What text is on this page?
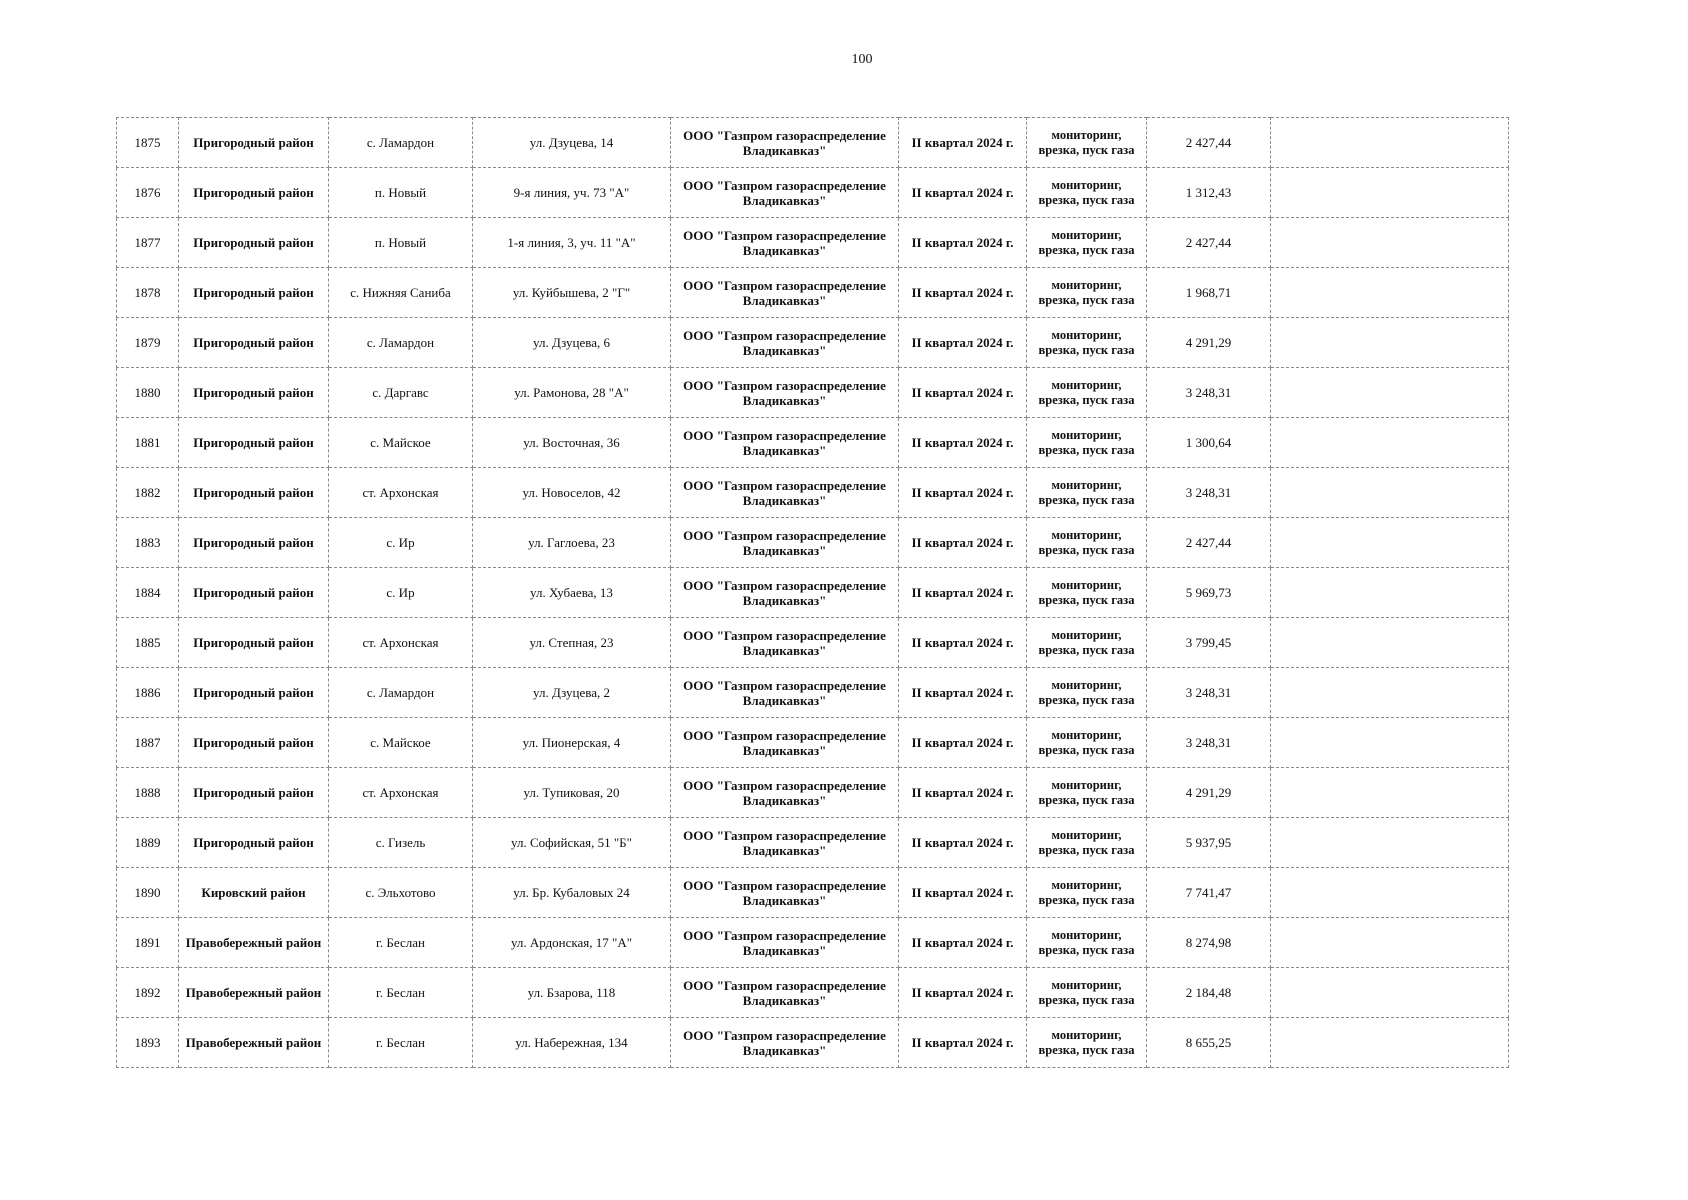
100
1875	Пригородный район	с. Ламардон	ул. Дзуцева, 14	ООО "Газпром газораспределение Владикавказ"	II квартал 2024 г.	мониторинг, врезка, пуск газа	2 427,44	
1876	Пригородный район	п. Новый	9-я линия, уч. 73 "А"	ООО "Газпром газораспределение Владикавказ"	II квартал 2024 г.	мониторинг, врезка, пуск газа	1 312,43	
1877	Пригородный район	п. Новый	1-я линия, 3, уч. 11 "А"	ООО "Газпром газораспределение Владикавказ"	II квартал 2024 г.	мониторинг, врезка, пуск газа	2 427,44	
1878	Пригородный район	с. Нижняя Саниба	ул. Куйбышева, 2 "Г"	ООО "Газпром газораспределение Владикавказ"	II квартал 2024 г.	мониторинг, врезка, пуск газа	1 968,71	
1879	Пригородный район	с. Ламардон	ул. Дзуцева, 6	ООО "Газпром газораспределение Владикавказ"	II квартал 2024 г.	мониторинг, врезка, пуск газа	4 291,29	
1880	Пригородный район	с. Даргавс	ул. Рамонова, 28 "А"	ООО "Газпром газораспределение Владикавказ"	II квартал 2024 г.	мониторинг, врезка, пуск газа	3 248,31	
1881	Пригородный район	с. Майское	ул. Восточная, 36	ООО "Газпром газораспределение Владикавказ"	II квартал 2024 г.	мониторинг, врезка, пуск газа	1 300,64	
1882	Пригородный район	ст. Архонская	ул. Новоселов, 42	ООО "Газпром газораспределение Владикавказ"	II квартал 2024 г.	мониторинг, врезка, пуск газа	3 248,31	
1883	Пригородный район	с. Ир	ул. Гаглоева, 23	ООО "Газпром газораспределение Владикавказ"	II квартал 2024 г.	мониторинг, врезка, пуск газа	2 427,44	
1884	Пригородный район	с. Ир	ул. Хубаева, 13	ООО "Газпром газораспределение Владикавказ"	II квартал 2024 г.	мониторинг, врезка, пуск газа	5 969,73	
1885	Пригородный район	ст. Архонская	ул. Степная, 23	ООО "Газпром газораспределение Владикавказ"	II квартал 2024 г.	мониторинг, врезка, пуск газа	3 799,45	
1886	Пригородный район	с. Ламардон	ул. Дзуцева, 2	ООО "Газпром газораспределение Владикавказ"	II квартал 2024 г.	мониторинг, врезка, пуск газа	3 248,31	
1887	Пригородный район	с. Майское	ул. Пионерская, 4	ООО "Газпром газораспределение Владикавказ"	II квартал 2024 г.	мониторинг, врезка, пуск газа	3 248,31	
1888	Пригородный район	ст. Архонская	ул. Тупиковая, 20	ООО "Газпром газораспределение Владикавказ"	II квартал 2024 г.	мониторинг, врезка, пуск газа	4 291,29	
1889	Пригородный район	с. Гизель	ул. Софийская, 51 "Б"	ООО "Газпром газораспределение Владикавказ"	II квартал 2024 г.	мониторинг, врезка, пуск газа	5 937,95	
1890	Кировский район	с. Эльхотово	ул. Бр. Кубаловых 24	ООО "Газпром газораспределение Владикавказ"	II квартал 2024 г.	мониторинг, врезка, пуск газа	7 741,47	
1891	Правобережный район	г. Беслан	ул. Ардонская, 17 "А"	ООО "Газпром газораспределение Владикавказ"	II квартал 2024 г.	мониторинг, врезка, пуск газа	8 274,98	
1892	Правобережный район	г. Беслан	ул. Бзарова, 118	ООО "Газпром газораспределение Владикавказ"	II квартал 2024 г.	мониторинг, врезка, пуск газа	2 184,48	
1893	Правобережный район	г. Беслан	ул. Набережная, 134	ООО "Газпром газораспределение Владикавказ"	II квартал 2024 г.	мониторинг, врезка, пуск газа	8 655,25	
